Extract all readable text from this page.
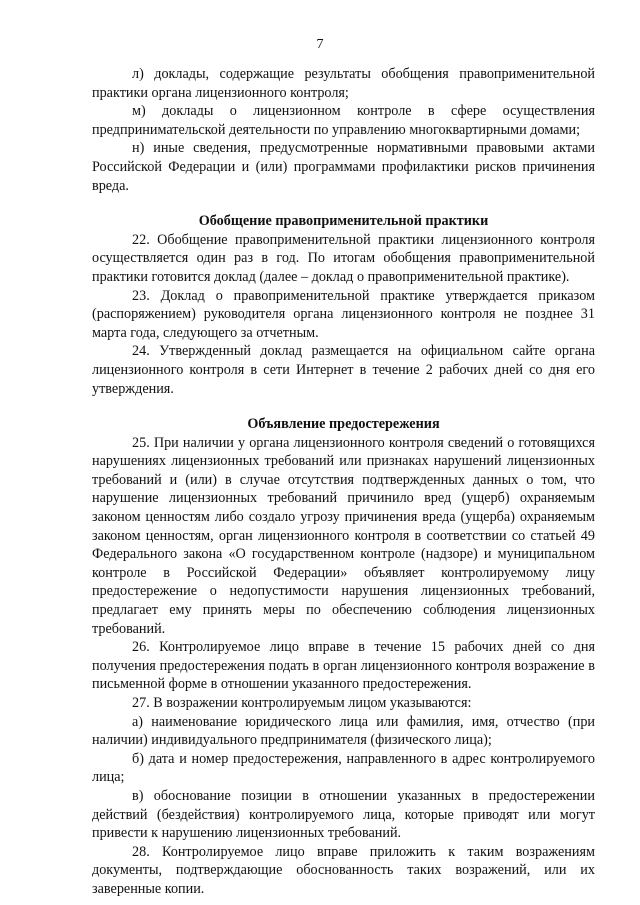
7

л) доклады, содержащие результаты обобщения правоприменительной практики органа лицензионного контроля;

м) доклады о лицензионном контроле в сфере осуществления предпринимательской деятельности по управлению многоквартирными домами;

н) иные сведения, предусмотренные нормативными правовыми актами Российской Федерации и (или) программами профилактики рисков причинения вреда.

Обобщение правоприменительной практики

22. Обобщение правоприменительной практики лицензионного контроля осуществляется один раз в год. По итогам обобщения правоприменительной практики готовится доклад (далее – доклад о правоприменительной практике).

23. Доклад о правоприменительной практике утверждается приказом (распоряжением) руководителя органа лицензионного контроля не позднее 31 марта года, следующего за отчетным.

24. Утвержденный доклад размещается на официальном сайте органа лицензионного контроля в сети Интернет в течение 2 рабочих дней со дня его утверждения.

Объявление предостережения

25. При наличии у органа лицензионного контроля сведений о готовящихся нарушениях лицензионных требований или признаках нарушений лицензионных требований и (или) в случае отсутствия подтвержденных данных о том, что нарушение лицензионных требований причинило вред (ущерб) охраняемым законом ценностям либо создало угрозу причинения вреда (ущерба) охраняемым законом ценностям, орган лицензионного контроля в соответствии со статьей 49 Федерального закона «О государственном контроле (надзоре) и муниципальном контроле в Российской Федерации» объявляет контролируемому лицу предостережение о недопустимости нарушения лицензионных требований, предлагает ему принять меры по обеспечению соблюдения лицензионных требований.

26. Контролируемое лицо вправе в течение 15 рабочих дней со дня получения предостережения подать в орган лицензионного контроля возражение в письменной форме в отношении указанного предостережения.

27. В возражении контролируемым лицом указываются:

а) наименование юридического лица или фамилия, имя, отчество (при наличии) индивидуального предпринимателя (физического лица);

б) дата и номер предостережения, направленного в адрес контролируемого лица;

в) обоснование позиции в отношении указанных в предостережении действий (бездействия) контролируемого лица, которые приводят или могут привести к нарушению лицензионных требований.

28. Контролируемое лицо вправе приложить к таким возражениям документы, подтверждающие обоснованность таких возражений, или их заверенные копии.
